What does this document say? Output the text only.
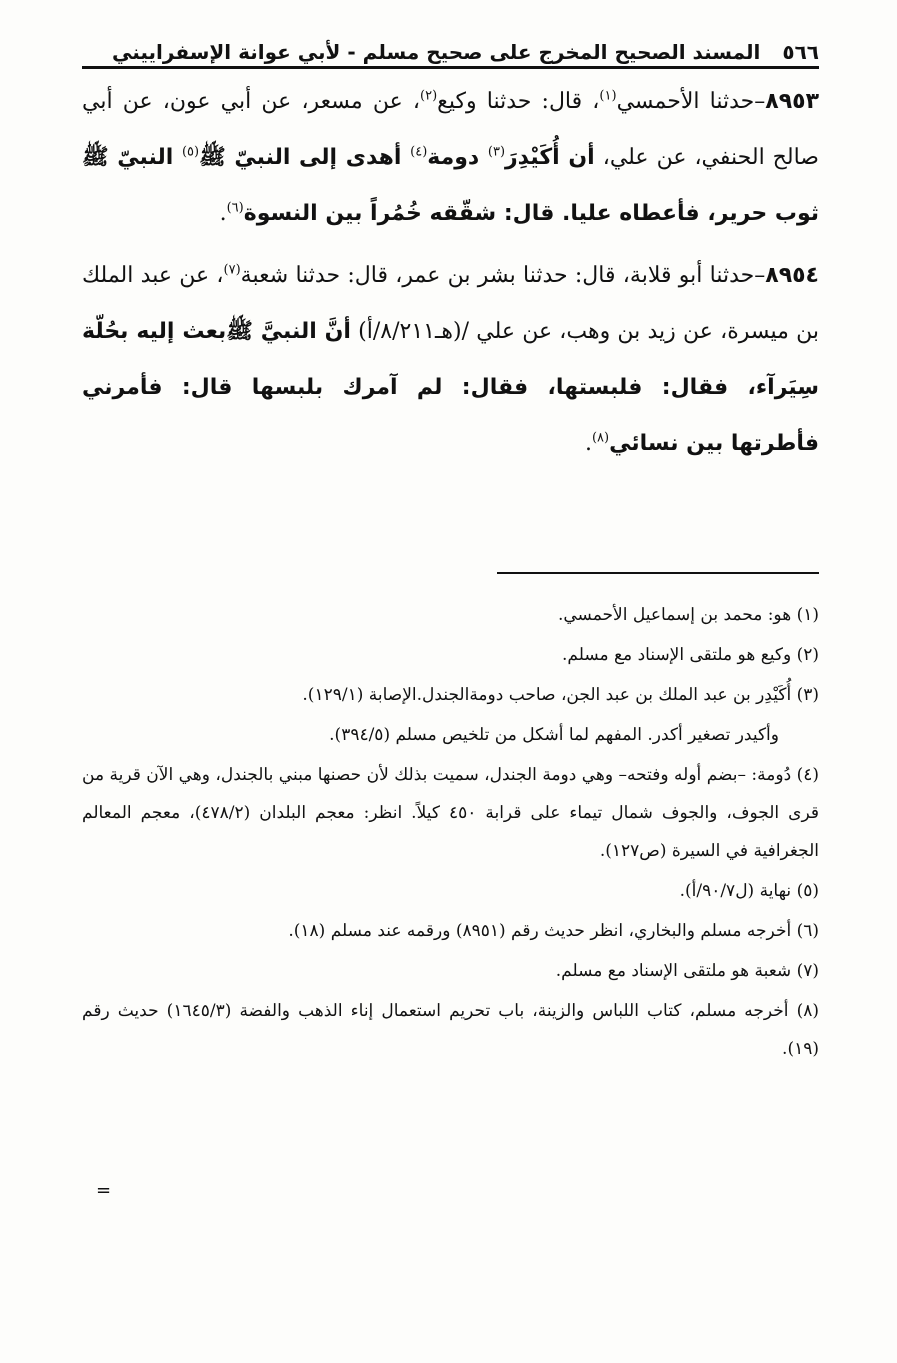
٥٦٦
المسند الصحيح المخرج على صحيح مسلم - لأبي عوانة الإسفراييني

٨٩٥٣–حدثنا الأحمسي$^{(١)}$، قال: حدثنا وكيع$^{(٢)}$، عن مسعر، عن أبي عون، عن أبي صالح الحنفي، عن علي، أن أُكَيْدِرَ$^{(٣)}$ دومة$^{(٤)}$ أهدى إلى النبيّ ﷺ$^{(٥)}$ النبيّ ﷺ ثوب حرير، فأعطاه عليا. قال: شقّقه خُمُراً بين النسوة$^{(٦)}$.

٨٩٥٤–حدثنا أبو قلابة، قال: حدثنا بشر بن عمر، قال: حدثنا شعبة$^{(٧)}$، عن عبد الملك بن ميسرة، عن زيد بن وهب، عن علي /(هـ٨/٢١١/أ) أنَّ النبيَّ ﷺبعث إليه بحُلّة سِيَرآء، فقال: فلبستها، فقال: لم آمرك بلبسها قال: فأمرني فأطرتها بين نسائي$^{(٨)}$.

(١) هو: محمد بن إسماعيل الأحمسي.

(٢) وكيع هو ملتقى الإسناد مع مسلم.

(٣) أُكَيْدِر بن عبد الملك بن عبد الجن، صاحب دومةالجندل.الإصابة (١٢٩/١).

وأكيدر تصغير أكدر. المفهم لما أشكل من تلخيص مسلم (٣٩٤/٥).

(٤) دُومة: –بضم أوله وفتحه– وهي دومة الجندل، سميت بذلك لأن حصنها مبني بالجندل، وهي الآن قرية من قرى الجوف، والجوف شمال تيماء على قرابة ٤٥٠ كيلاً. انظر: معجم البلدان (٤٧٨/٢)، معجم المعالم الجغرافية في السيرة (ص١٢٧).

(٥) نهاية (ل٩٠/٧/أ).

(٦) أخرجه مسلم والبخاري، انظر حديث رقم (٨٩٥١) ورقمه عند مسلم (١٨).

(٧) شعبة هو ملتقى الإسناد مع مسلم.

(٨) أخرجه مسلم، كتاب اللباس والزينة، باب تحريم استعمال إناء الذهب والفضة (١٦٤٥/٣) حديث رقم (١٩).

=
